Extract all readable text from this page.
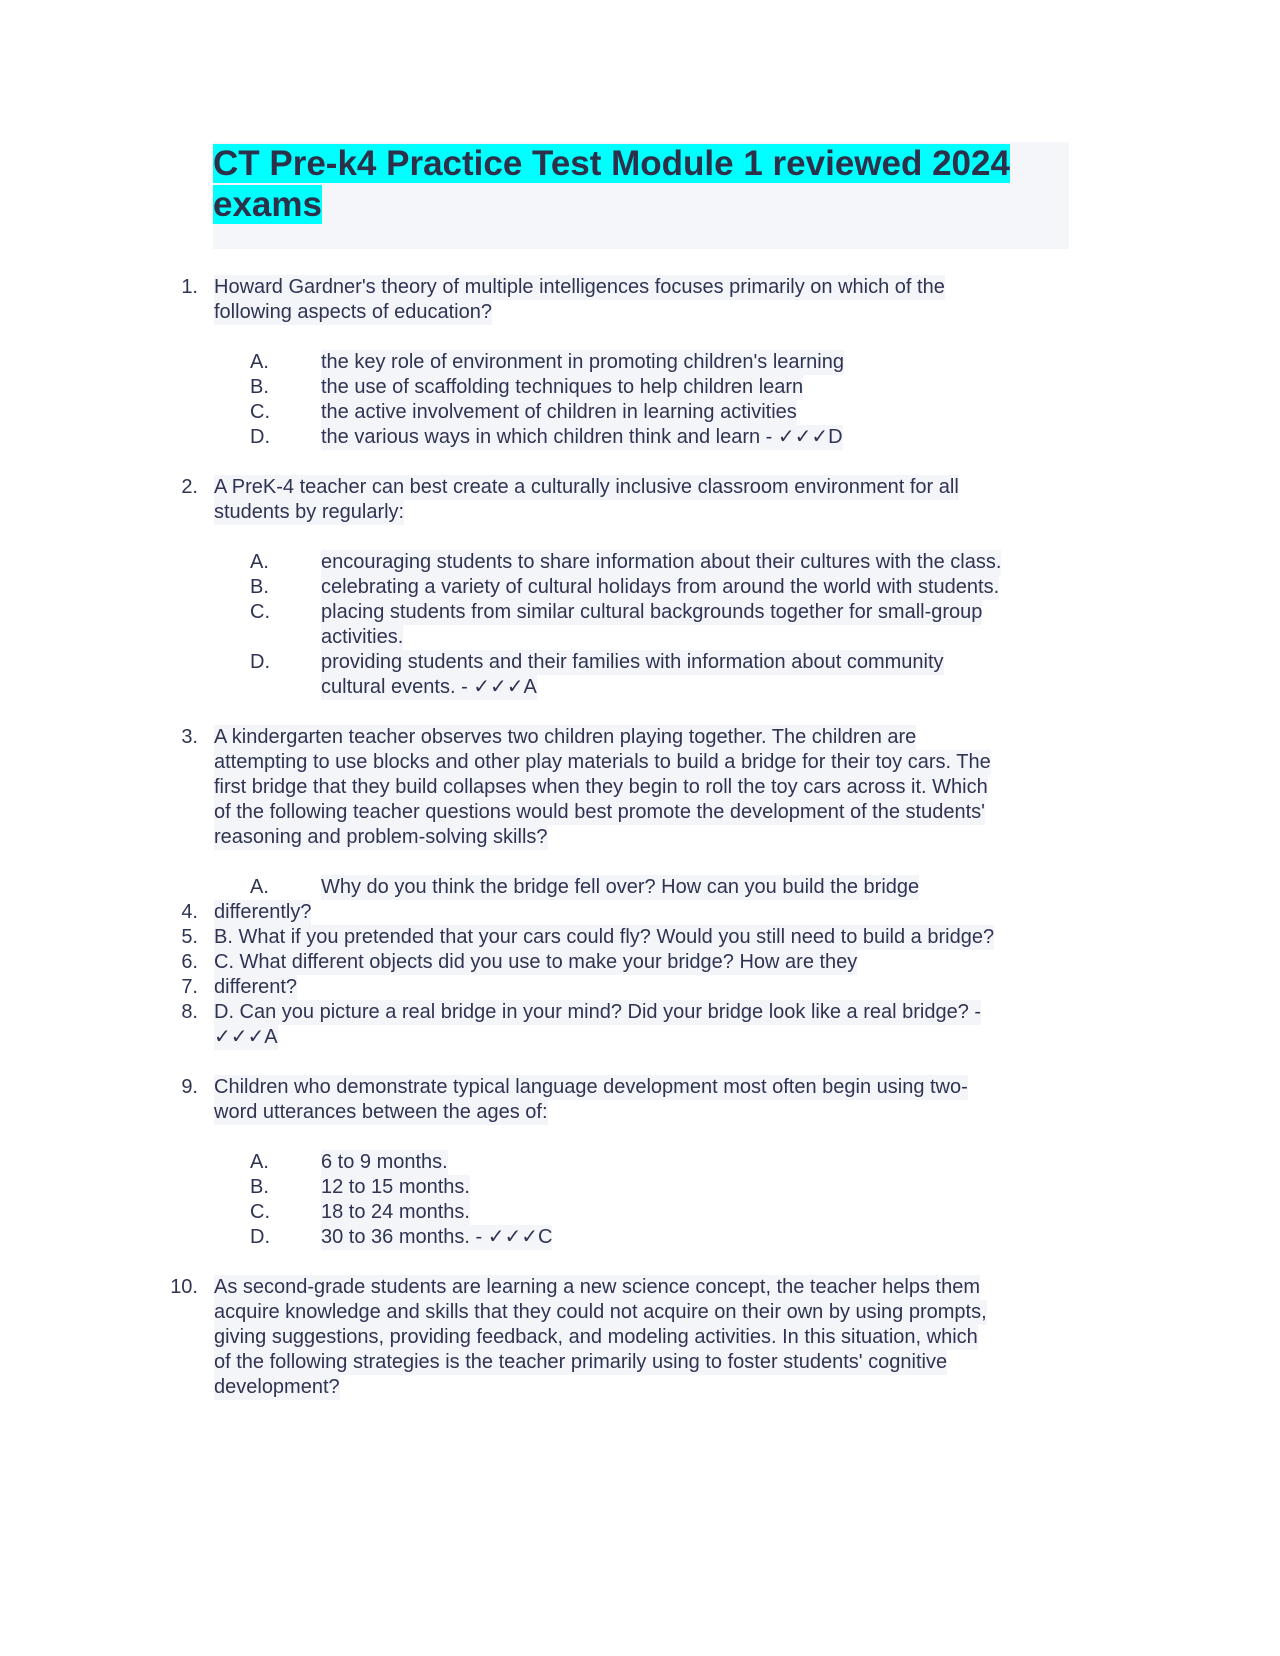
CT Pre-k4 Practice Test Module 1 reviewed 2024
exams
1. Howard Gardner's theory of multiple intelligences focuses primarily on which of the
following aspects of education?
A.	the key role of environment in promoting children's learning
B.	the use of scaffolding techniques to help children learn
C.	the active involvement of children in learning activities
D.	the various ways in which children think and learn - ✓✓✓D
2. A PreK-4 teacher can best create a culturally inclusive classroom environment for all
students by regularly:
A.	encouraging students to share information about their cultures with the class.
B.	celebrating a variety of cultural holidays from around the world with students.
C.	placing students from similar cultural backgrounds together for small-group
activities.
D.	providing students and their families with information about community
cultural events. - ✓✓✓A
3. A kindergarten teacher observes two children playing together. The children are
attempting to use blocks and other play materials to build a bridge for their toy cars. The
first bridge that they build collapses when they begin to roll the toy cars across it. Which
of the following teacher questions would best promote the development of the students'
reasoning and problem-solving skills?
A.	Why do you think the bridge fell over? How can you build the bridge
4. differently?
5. B. What if you pretended that your cars could fly? Would you still need to build a bridge?
6. C. What different objects did you use to make your bridge? How are they
7. different?
8. D. Can you picture a real bridge in your mind? Did your bridge look like a real bridge? -
✓✓✓A
9. Children who demonstrate typical language development most often begin using two-
word utterances between the ages of:
A.	6 to 9 months.
B.	12 to 15 months.
C.	18 to 24 months.
D.	30 to 36 months. - ✓✓✓C
10. As second-grade students are learning a new science concept, the teacher helps them
acquire knowledge and skills that they could not acquire on their own by using prompts,
giving suggestions, providing feedback, and modeling activities. In this situation, which
of the following strategies is the teacher primarily using to foster students' cognitive
development?
